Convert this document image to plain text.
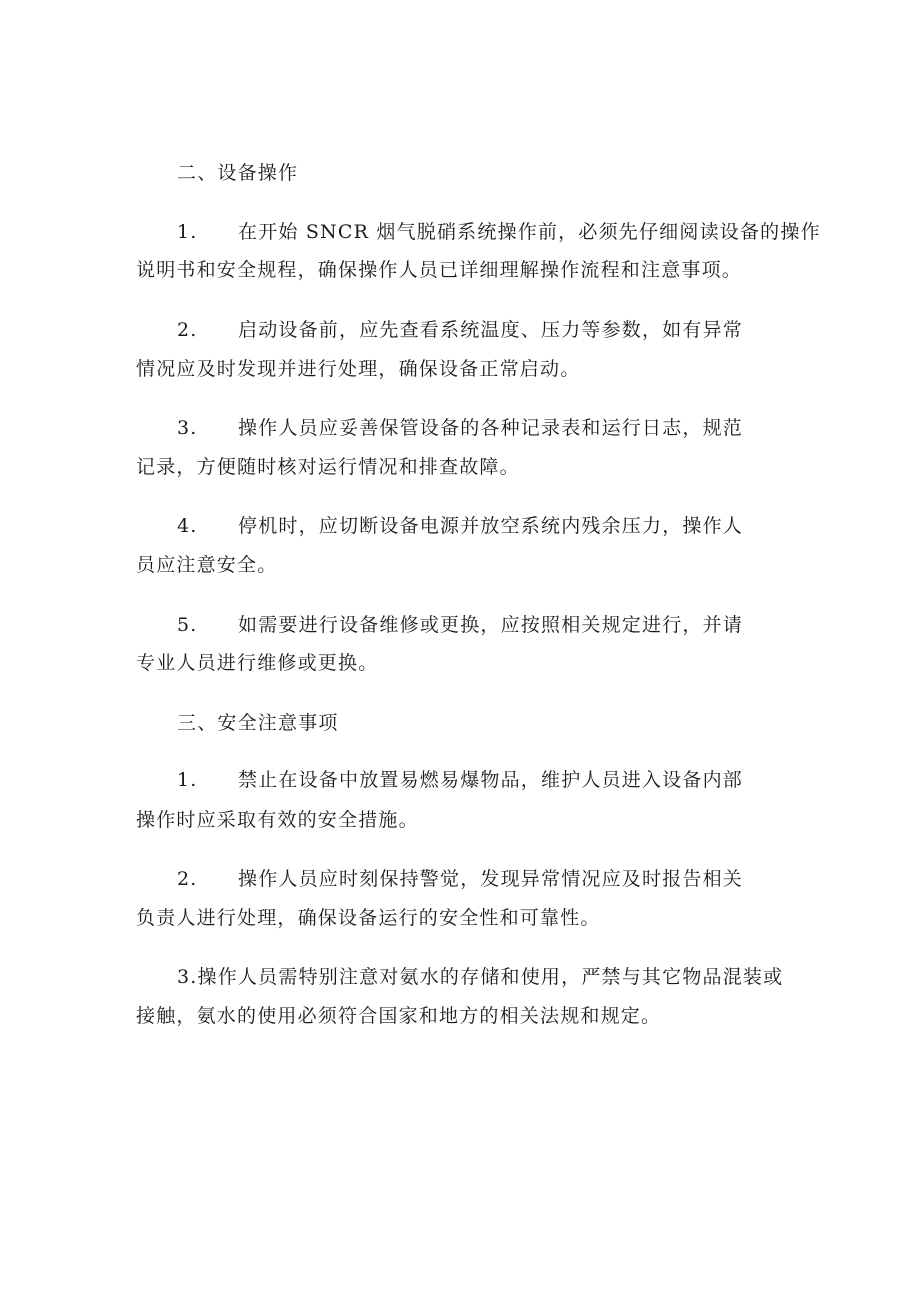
二、设备操作
1. 在开始 SNCR 烟气脱硝系统操作前，必须先仔细阅读设备的操作
说明书和安全规程，确保操作人员已详细理解操作流程和注意事项。
2. 启动设备前，应先查看系统温度、压力等参数，如有异常
情况应及时发现并进行处理，确保设备正常启动。
3. 操作人员应妥善保管设备的各种记录表和运行日志，规范
记录，方便随时核对运行情况和排查故障。
4. 停机时，应切断设备电源并放空系统内残余压力，操作人
员应注意安全。
5. 如需要进行设备维修或更换，应按照相关规定进行，并请
专业人员进行维修或更换。
三、安全注意事项
1. 禁止在设备中放置易燃易爆物品，维护人员进入设备内部
操作时应采取有效的安全措施。
2. 操作人员应时刻保持警觉，发现异常情况应及时报告相关
负责人进行处理，确保设备运行的安全性和可靠性。
3.操作人员需特别注意对氨水的存储和使用，严禁与其它物品混装或
接触，氨水的使用必须符合国家和地方的相关法规和规定。
